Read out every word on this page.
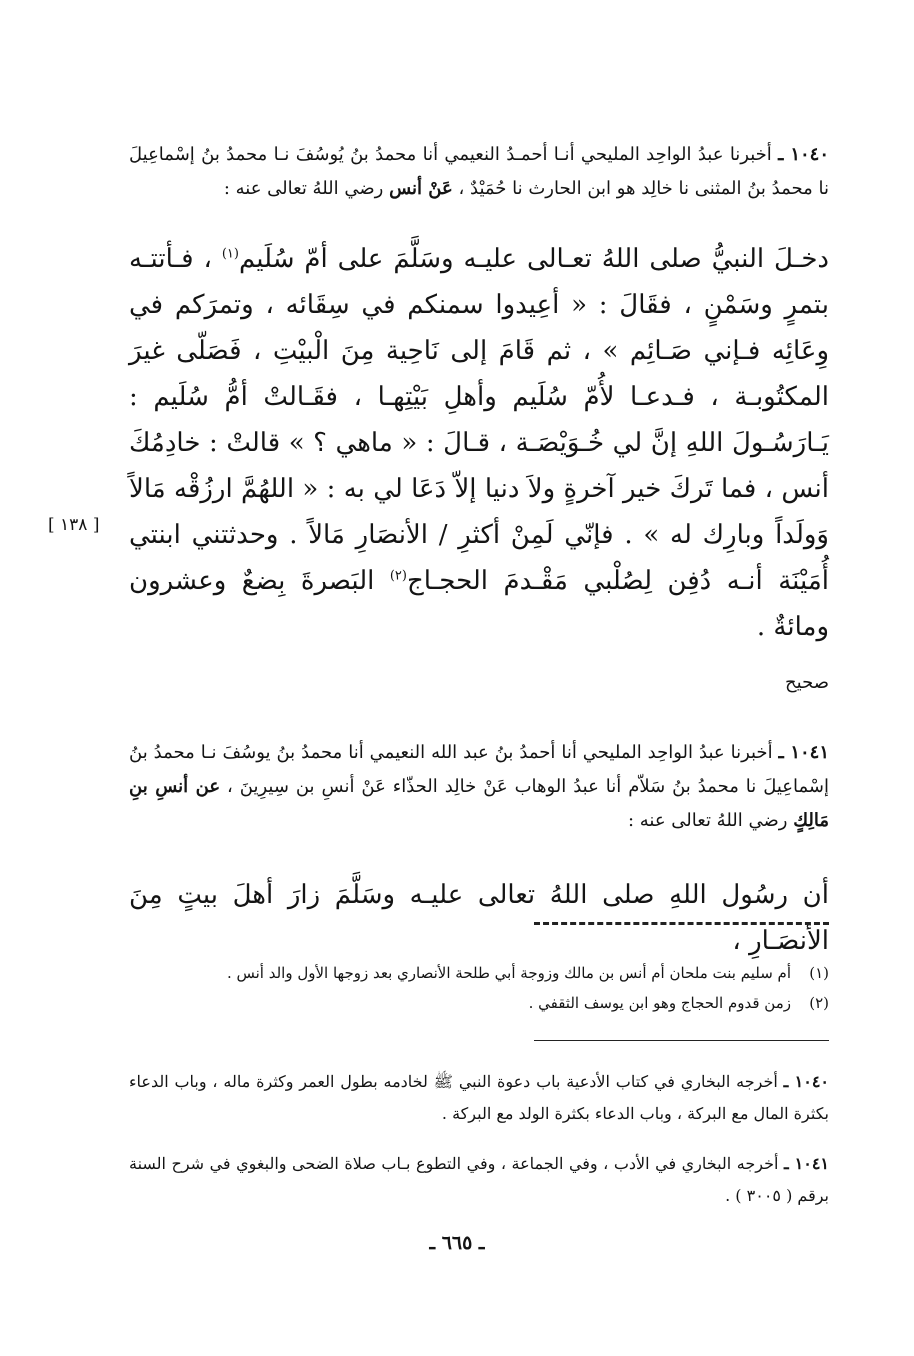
١٠٤٠ ـ أخبرنا عبدُ الواحِد المليحي أنـا أحمـدُ النعيمي أنا محمدُ بنُ يُوسُفَ نـا محمدُ بنُ إسْماعِيلَ نا محمدُ بنُ المثنى نا خالِد هو ابن الحارث نا حُمَيْدٌ ، عَنْ أنس رضي اللهُ تعالى عنه :
دخـلَ النبيُّ صلى اللهُ تعـالى عليـه وسَلَّمَ على أمّ سُلَيم$^{(١)}$ ، فـأتتـه بتمرٍ وسَمْنٍ ، فقَالَ : « أعِيدوا سمنكم في سِقَائه ، وتمرَكم في وِعَائِه فـإني صَـائِم » ، ثم قَامَ إلى نَاحِية مِنَ الْبيْتِ ، فَصَلّى غيرَ المكتُوبـة ، فـدعـا لأُمّ سُلَيم وأهلِ بَيْتِهـا ، فقَـالتْ أمُّ سُلَيم : يَـارَسُـولَ اللهِ إنَّ لي خُـوَيْصَـة ، قـالَ : « ماهي ؟ » قالتْ : خادِمُكَ أنس ، فما تَركَ خير آخرةٍ ولاَ دنيا إلاّ دَعَا لي به : « اللهُمَّ ارزُقْه مَالاً وَولَداً وبارِك له » . فإنّي لَمِنْ أكثرِ / الأنصَارِ مَالاً . وحدثتني ابنتي أُمَيْنَة أنـه دُفِن لِصُلْبي مَقْـدمَ الحجـاج$^{(٢)}$ البَصرةَ بِضعٌ وعشرون ومائةٌ .
[ ١٣٨ ]
صحيح
١٠٤١ ـ أخبرنا عبدُ الواحِد المليحي أنا أحمدُ بنُ عبد الله النعيمي أنا محمدُ بنُ يوسُفَ نـا محمدُ بنُ إسْماعِيلَ نا محمدُ بنُ سَلاّم أنا عبدُ الوهاب عَنْ خالِد الحذّاء عَنْ أنسِ بن سِيرِينَ ، عن أنسِ بنِ مَالِكٍ رضي اللهُ تعالى عنه :
أن رسُول اللهِ صلى اللهُ تعالى عليـه وسَلَّمَ زارَ أهلَ بيتٍ مِنَ الأنصَـارِ ،
(١)
أم سليم بنت ملحان أم أنس بن مالك وزوجة أبي طلحة الأنصاري بعد زوجها الأول والد أنس .
(٢)
زمن قدوم الحجاج وهو ابن يوسف الثقفي .
١٠٤٠ ـ أخرجه البخاري في كتاب الأدعية باب دعوة النبي ﷺ لخادمه بطول العمر وكثرة ماله ، وباب الدعاء بكثرة المال مع البركة ، وباب الدعاء بكثرة الولد مع البركة .
١٠٤١ ـ أخرجه البخاري في الأدب ، وفي الجماعة ، وفي التطوع بـاب صلاة الضحى والبغوي في شرح السنة برقم ( ٣٠٠٥ ) .
ـ ٦٦٥ ـ
